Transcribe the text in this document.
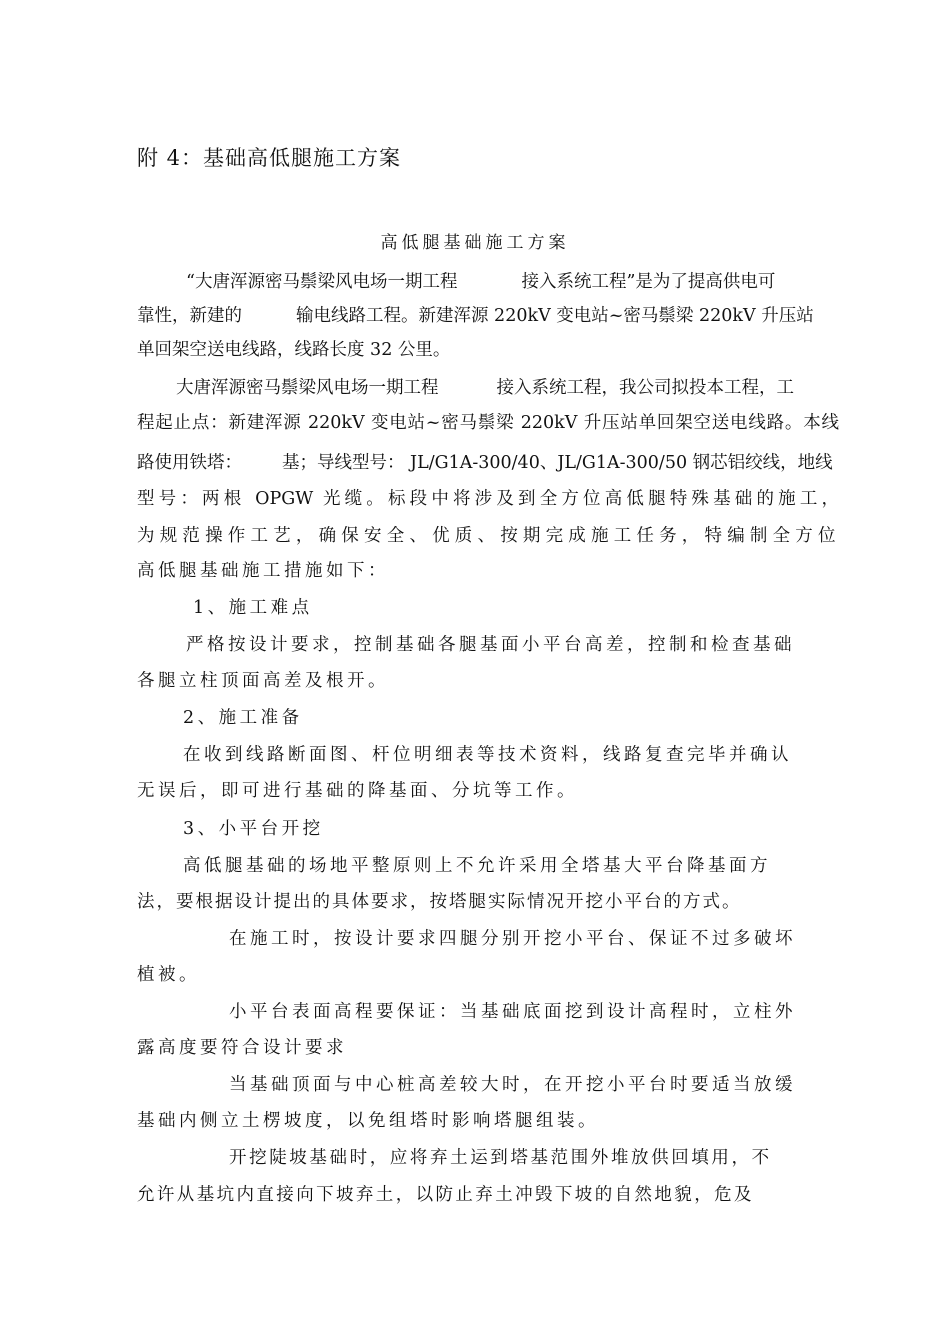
附 4：基础高低腿施工方案
高低腿基础施工方案

“大唐浑源密马鬃梁风电场一期工程	接入系统工程”是为了提高供电可

靠性，新建的	输电线路工程。新建浑源 220kV 变电站~密马鬃梁 220kV 升压站

单回架空送电线路，线路长度 32 公里。

大唐浑源密马鬃梁风电场一期工程	接入系统工程，我公司拟投本工程，工

程起止点：新建浑源 220kV 变电站~密马鬃梁 220kV 升压站单回架空送电线路。本线

路使用铁塔： 基；导线型号： JL/G1A-300/40、JL/G1A-300/50 钢芯铝绞线，地线

型号：两根 OPGW 光缆。标段中将涉及到全方位高低腿特殊基础的施工，

为规范操作工艺，确保安全、优质、按期完成施工任务，特编制全方位

高低腿基础施工措施如下：

1、施工难点

严格按设计要求，控制基础各腿基面小平台高差，控制和检查基础

各腿立柱顶面高差及根开。

2、施工准备

在收到线路断面图、杆位明细表等技术资料，线路复查完毕并确认

无误后，即可进行基础的降基面、分坑等工作。

3、小平台开挖

高低腿基础的场地平整原则上不允许采用全塔基大平台降基面方

法，要根据设计提出的具体要求，按塔腿实际情况开挖小平台的方式。

在施工时，按设计要求四腿分别开挖小平台、保证不过多破坏

植被。

小平台表面高程要保证：当基础底面挖到设计高程时，立柱外

露高度要符合设计要求

当基础顶面与中心桩高差较大时，在开挖小平台时要适当放缓

基础内侧立土楞坡度，以免组塔时影响塔腿组装。

开挖陡坡基础时，应将弃土运到塔基范围外堆放供回填用，不

允许从基坑内直接向下坡弃土，以防止弃土冲毁下坡的自然地貌，危及
